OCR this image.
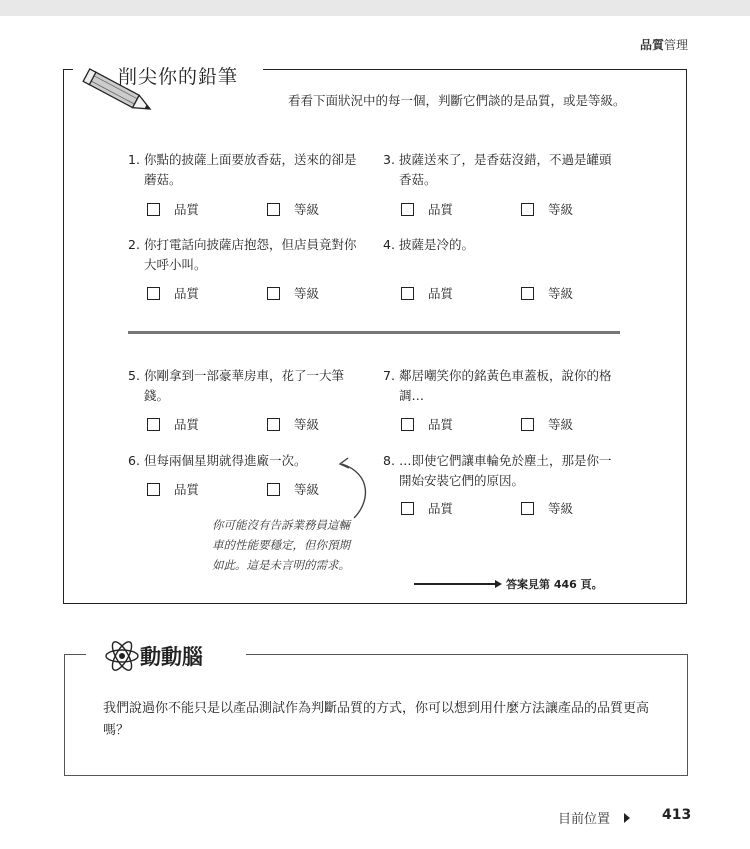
品質管理
削尖你的鉛筆
看看下面狀況中的每一個，判斷它們談的是品質，或是等級。
1. 你點的披薩上面要放香菇，送來的卻是
蘑菇。
品質	等級
3. 披薩送來了，是香菇沒錯，不過是罐頭
香菇。
品質	等級
2. 你打電話向披薩店抱怨，但店員竟對你
大呼小叫。
品質	等級
4. 披薩是冷的。
品質	等級
5. 你剛拿到一部豪華房車，花了一大筆
錢。
品質	等級
7. 鄰居嘲笑你的銘黃色車蓋板，說你的格
調…
品質	等級
6. 但每兩個星期就得進廠一次。
品質	等級
8. …即使它們讓車輪免於塵土，那是你一
開始安裝它們的原因。
品質	等級
你可能沒有告訴業務員這輛
車的性能要穩定，但你預期
如此。這是未言明的需求。
答案見第 446 頁。
動動腦
我們說過你不能只是以產品測試作為判斷品質的方式，你可以想到用什麼方法讓產品的品質更高嗎？
目前位置	413
